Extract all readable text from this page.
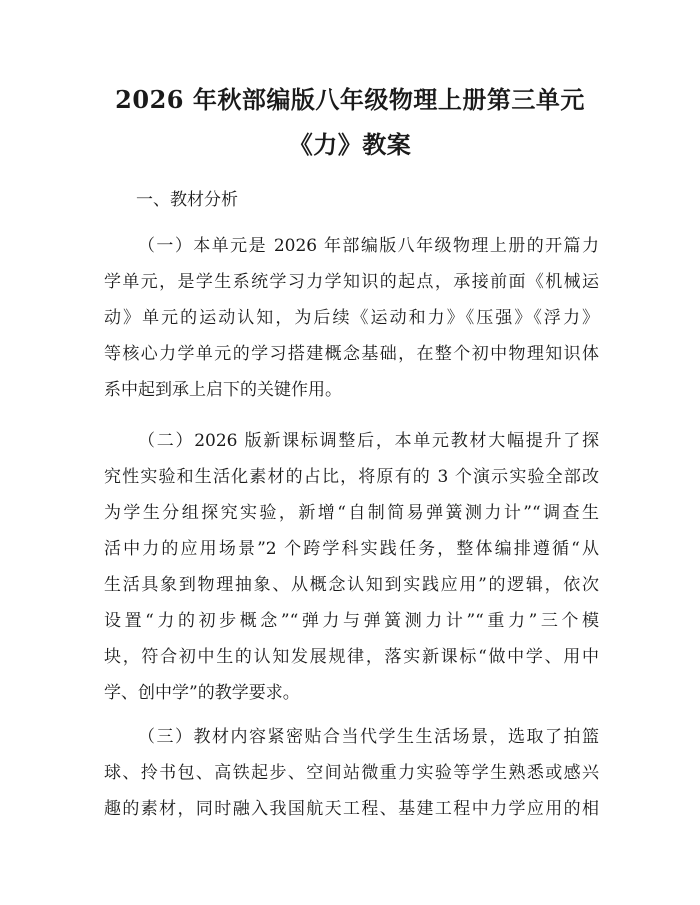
2026 年秋部编版八年级物理上册第三单元
《力》教案

一、教材分析

（一）本单元是 2026 年部编版八年级物理上册的开篇力
学单元，是学生系统学习力学知识的起点，承接前面《机械运
动》单元的运动认知，为后续《运动和力》《压强》《浮力》
等核心力学单元的学习搭建概念基础，在整个初中物理知识体
系中起到承上启下的关键作用。

（二）2026 版新课标调整后，本单元教材大幅提升了探
究性实验和生活化素材的占比，将原有的 3 个演示实验全部改
为学生分组探究实验，新增“自制简易弹簧测力计”“调查生
活中力的应用场景”2 个跨学科实践任务，整体编排遵循“从
生活具象到物理抽象、从概念认知到实践应用”的逻辑，依次
设置“力的初步概念”“弹力与弹簧测力计”“重力”三个模
块，符合初中生的认知发展规律，落实新课标“做中学、用中
学、创中学”的教学要求。

（三）教材内容紧密贴合当代学生生活场景，选取了拍篮
球、拎书包、高铁起步、空间站微重力实验等学生熟悉或感兴
趣的素材，同时融入我国航天工程、基建工程中力学应用的相
